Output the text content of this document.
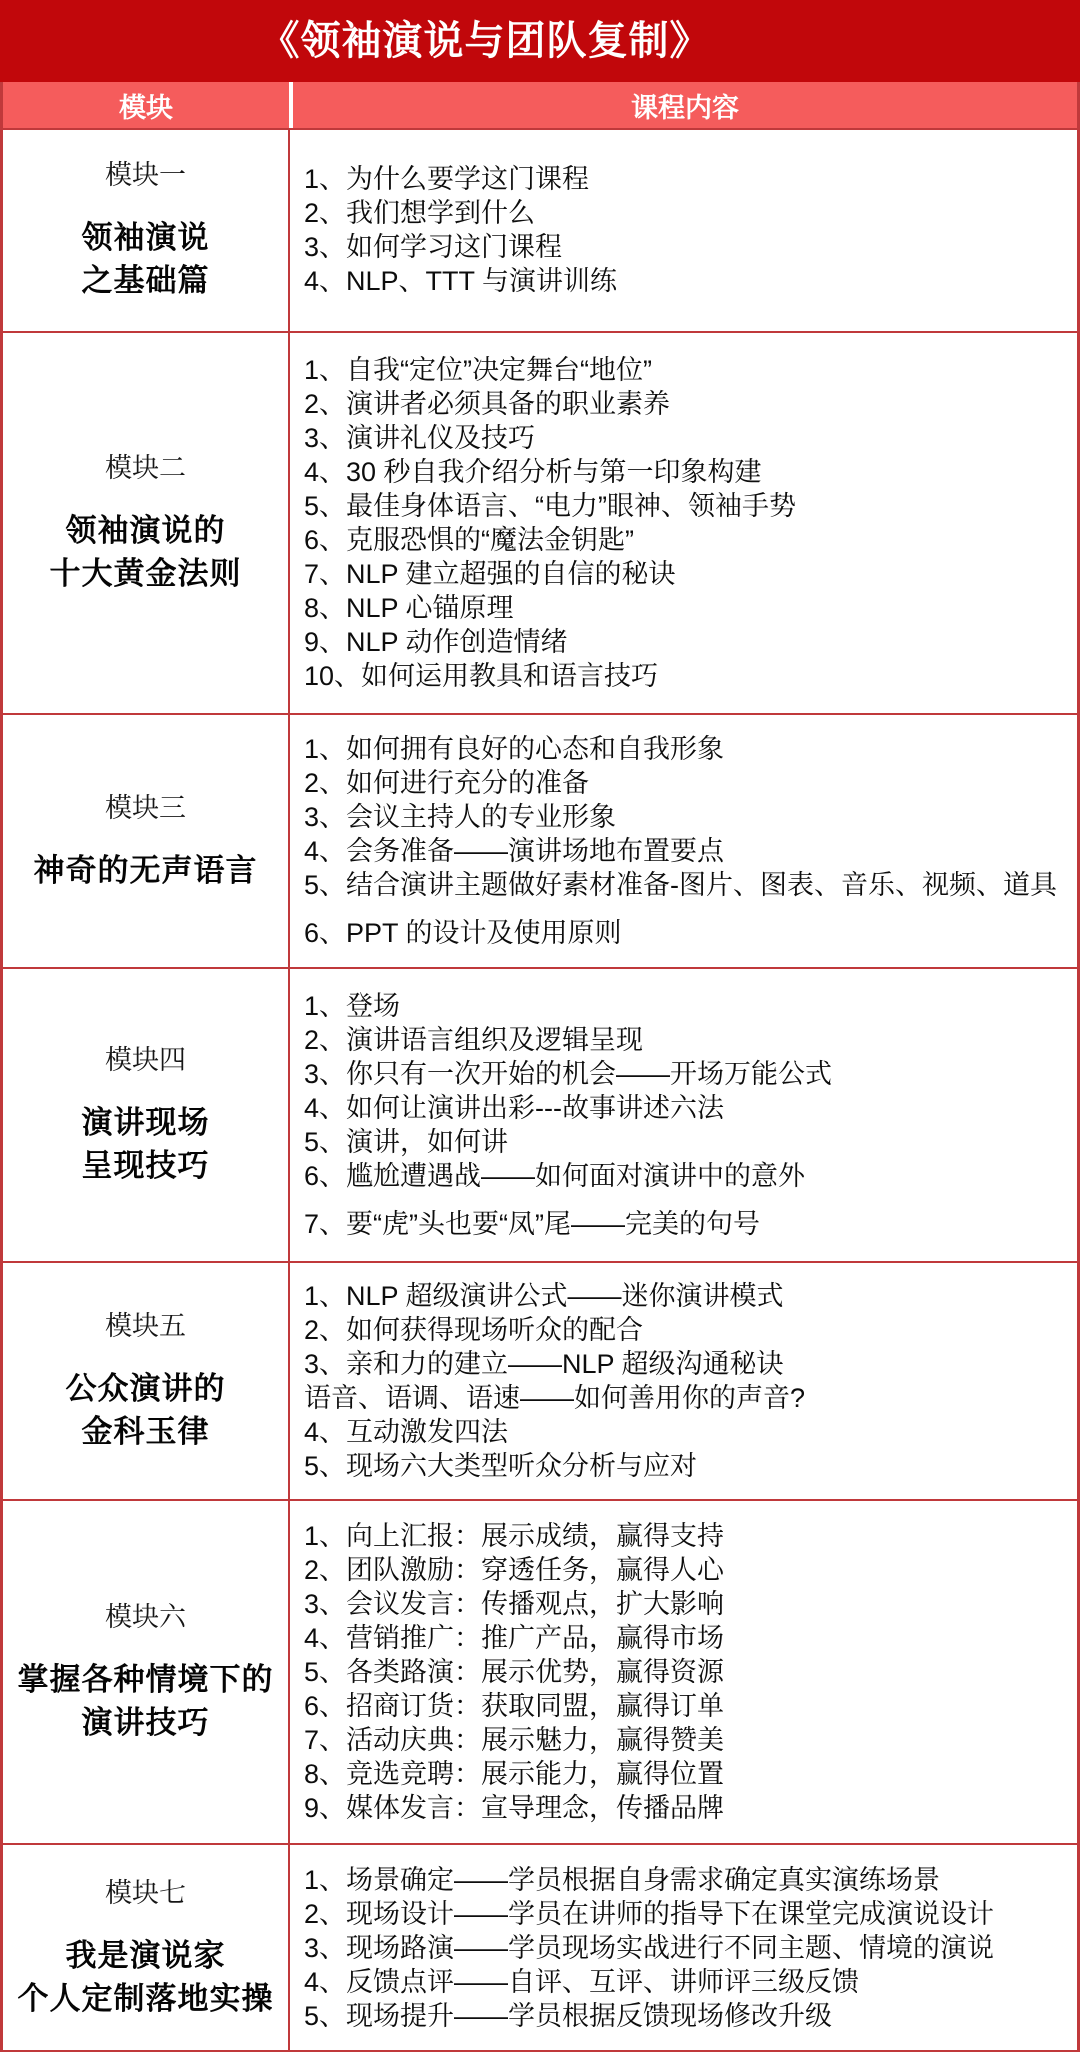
《领袖演说与团队复制》
模块	课程内容
模块一
领袖演说
之基础篇
1、为什么要学这门课程
2、我们想学到什么
3、如何学习这门课程
4、NLP、TTT 与演讲训练
模块二
领袖演说的
十大黄金法则
1、自我“定位”决定舞台“地位”
2、演讲者必须具备的职业素养
3、演讲礼仪及技巧
4、30 秒自我介绍分析与第一印象构建
5、最佳身体语言、“电力”眼神、领袖手势
6、克服恐惧的“魔法金钥匙”
7、NLP 建立超强的自信的秘诀
8、NLP 心锚原理
9、NLP 动作创造情绪
10、如何运用教具和语言技巧
模块三
神奇的无声语言
1、如何拥有良好的心态和自我形象
2、如何进行充分的准备
3、会议主持人的专业形象
4、会务准备——演讲场地布置要点
5、结合演讲主题做好素材准备-图片、图表、音乐、视频、道具
6、PPT 的设计及使用原则
模块四
演讲现场
呈现技巧
1、登场
2、演讲语言组织及逻辑呈现
3、你只有一次开始的机会——开场万能公式
4、如何让演讲出彩---故事讲述六法
5、演讲，如何讲
6、尴尬遭遇战——如何面对演讲中的意外
7、要“虎”头也要“凤”尾——完美的句号
模块五
公众演讲的
金科玉律
1、NLP 超级演讲公式——迷你演讲模式
2、如何获得现场听众的配合
3、亲和力的建立——NLP 超级沟通秘诀
语音、语调、语速——如何善用你的声音?
4、互动激发四法
5、现场六大类型听众分析与应对
模块六
掌握各种情境下的
演讲技巧
1、向上汇报：展示成绩，赢得支持
2、团队激励：穿透任务，赢得人心
3、会议发言：传播观点，扩大影响
4、营销推广：推广产品，赢得市场
5、各类路演：展示优势，赢得资源
6、招商订货：获取同盟，赢得订单
7、活动庆典：展示魅力，赢得赞美
8、竞选竞聘：展示能力，赢得位置
9、媒体发言：宣导理念，传播品牌
模块七
我是演说家
个人定制落地实操
1、场景确定——学员根据自身需求确定真实演练场景
2、现场设计——学员在讲师的指导下在课堂完成演说设计
3、现场路演——学员现场实战进行不同主题、情境的演说
4、反馈点评——自评、互评、讲师评三级反馈
5、现场提升——学员根据反馈现场修改升级
